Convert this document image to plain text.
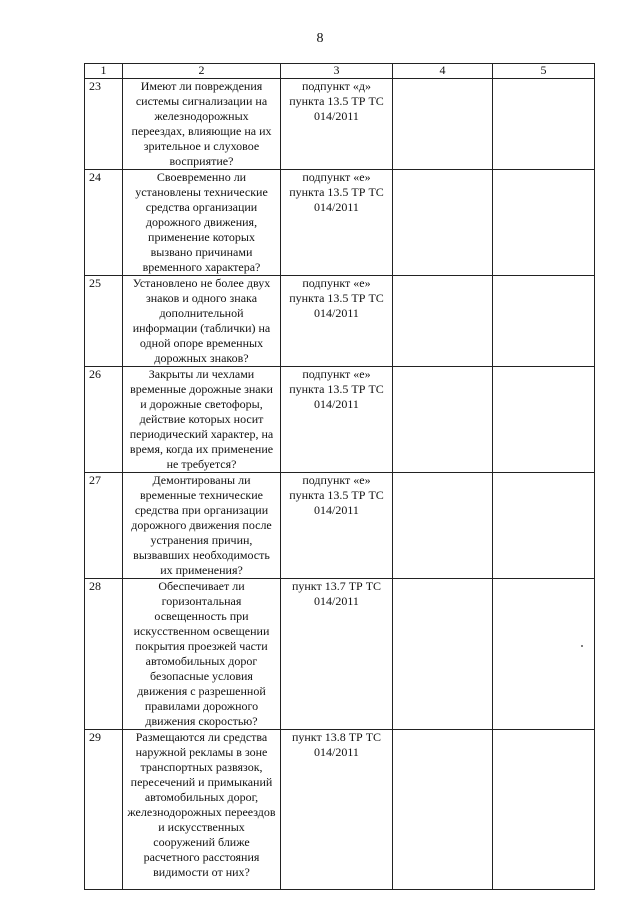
8
1	2	3	4	5
23	Имеют ли повреждения системы сигнализации на железнодорожных переездах, влияющие на их зрительное и слуховое восприятие?	подпункт «д» пункта 13.5 ТР ТС 014/2011		
24	Своевременно ли установлены технические средства организации дорожного движения, применение которых вызвано причинами временного характера?	подпункт «е» пункта 13.5 ТР ТС 014/2011		
25	Установлено не более двух знаков и одного знака дополнительной информации (таблички) на одной опоре временных дорожных знаков?	подпункт «е» пункта 13.5 ТР ТС 014/2011		
26	Закрыты ли чехлами временные дорожные знаки и дорожные светофоры, действие которых носит периодический характер, на время, когда их применение не требуется?	подпункт «е» пункта 13.5 ТР ТС 014/2011		
27	Демонтированы ли временные технические средства при организации дорожного движения после устранения причин, вызвавших необходимость их применения?	подпункт «е» пункта 13.5 ТР ТС 014/2011		
28	Обеспечивает ли горизонтальная освещенность при искусственном освещении покрытия проезжей части автомобильных дорог безопасные условия движения с разрешенной правилами дорожного движения скоростью?	пункт 13.7 ТР ТС 014/2011		
29	Размещаются ли средства наружной рекламы в зоне транспортных развязок, пересечений и примыканий автомобильных дорог, железнодорожных переездов и искусственных сооружений ближе расчетного расстояния видимости от них?	пункт 13.8 ТР ТС 014/2011		
